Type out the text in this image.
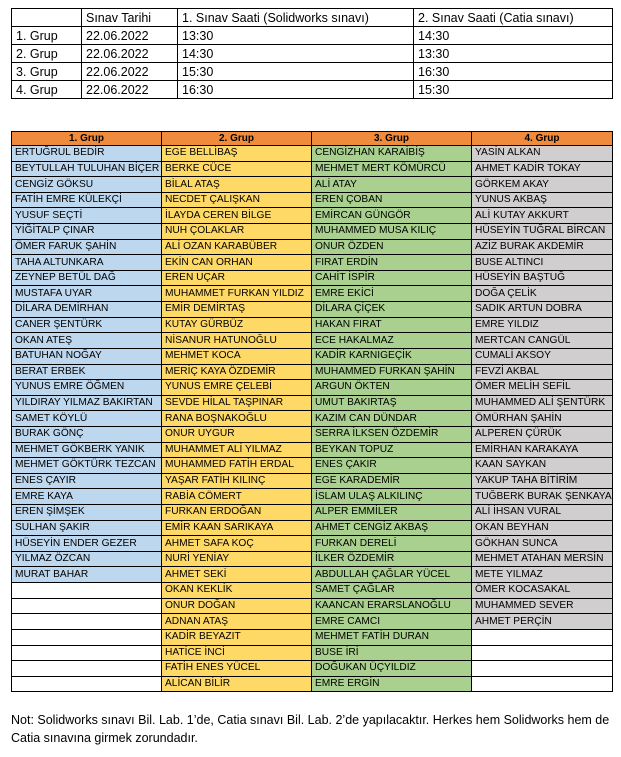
	Sınav Tarihi	1. Sınav Saati (Solidworks sınavı)	2. Sınav Saati (Catia sınavı)
1. Grup	22.06.2022	13:30	14:30
2. Grup	22.06.2022	14:30	13:30
3. Grup	22.06.2022	15:30	16:30
4. Grup	22.06.2022	16:30	15:30
1. Grup	2. Grup	3. Grup	4. Grup
ERTUĞRUL BEDİR	EGE BELLİBAŞ	CENGİZHAN KARAİBİŞ	YASİN ALKAN
BEYTULLAH TULUHAN BİÇER	BERKE CÜCE	MEHMET MERT KÖMÜRCÜ	AHMET KADİR TOKAY
CENGİZ GÖKSU	BİLAL ATAŞ	ALİ ATAY	GÖRKEM AKAY
FATİH EMRE KÜLEKÇİ	NECDET ÇALIŞKAN	EREN ÇOBAN	YUNUS AKBAŞ
YUSUF SEÇTİ	İLAYDA CEREN BİLGE	EMİRCAN GÜNGÖR	ALİ KUTAY AKKURT
YİĞİTALP ÇINAR	NUH ÇOLAKLAR	MUHAMMED MUSA KILIÇ	HÜSEYİN TUĞRAL BİRCAN
ÖMER FARUK ŞAHİN	ALİ OZAN KARABÜBER	ONUR ÖZDEN	AZİZ BURAK AKDEMİR
TAHA ALTUNKARA	EKİN CAN ORHAN	FIRAT ERDİN	BUSE ALTINCI
ZEYNEP BETÜL DAĞ	EREN UÇAR	CAHİT İSPİR	HÜSEYİN BAŞTUĞ
MUSTAFA UYAR	MUHAMMET FURKAN YILDIZ	EMRE EKİCİ	DOĞA ÇELİK
DİLARA DEMİRHAN	EMİR DEMİRTAŞ	DİLARA ÇİÇEK	SADIK ARTUN DOBRA
CANER ŞENTÜRK	KUTAY GÜRBÜZ	HAKAN FIRAT	EMRE YILDIZ
OKAN ATEŞ	NİSANUR HATUNOĞLU	ECE HAKALMAZ	MERTCAN CANGÜL
BATUHAN NOĞAY	MEHMET KOCA	KADİR KARNIGEÇİK	CUMALİ AKSOY
BERAT ERBEK	MERİÇ KAYA ÖZDEMİR	MUHAMMED FURKAN ŞAHİN	FEVZİ AKBAL
YUNUS EMRE ÖĞMEN	YUNUS EMRE ÇELEBİ	ARGUN ÖKTEN	ÖMER MELİH SEFİL
YILDIRAY YILMAZ BAKIRTAN	SEVDE HİLAL TAŞPINAR	UMUT BAKIRTAŞ	MUHAMMED ALİ ŞENTÜRK
SAMET KÖYLÜ	RANA BOŞNAKOĞLU	KAZIM CAN DÜNDAR	ÖMÜRHAN ŞAHİN
BURAK GÖNÇ	ONUR UYGUR	SERRA İLKSEN ÖZDEMİR	ALPEREN ÇÜRÜK
MEHMET GÖKBERK YANIK	MUHAMMET ALİ YILMAZ	BEYKAN TOPUZ	EMİRHAN KARAKAYA
MEHMET GÖKTÜRK TEZCAN	MUHAMMED FATİH ERDAL	ENES ÇAKIR	KAAN SAYKAN
ENES ÇAYIR	YAŞAR FATİH KILINÇ	EGE KARADEMİR	YAKUP TAHA BİTİRİM
EMRE KAYA	RABİA CÖMERT	İSLAM ULAŞ ALKILINÇ	TUĞBERK BURAK ŞENKAYA
EREN ŞİMŞEK	FURKAN ERDOĞAN	ALPER EMMİLER	ALİ İHSAN VURAL
SULHAN ŞAKIR	EMİR KAAN SARIKAYA	AHMET CENGİZ AKBAŞ	OKAN BEYHAN
HÜSEYİN ENDER GEZER	AHMET SAFA KOÇ	FURKAN DERELİ	GÖKHAN SUNCA
YILMAZ ÖZCAN	NURİ YENİAY	İLKER ÖZDEMİR	MEHMET ATAHAN MERSİN
MURAT BAHAR	AHMET SEKİ	ABDULLAH ÇAĞLAR YÜCEL	METE YILMAZ
	OKAN KEKLİK	SAMET ÇAĞLAR	ÖMER KOCASAKAL
	ONUR DOĞAN	KAANCAN ERARSLANOĞLU	MUHAMMED SEVER
	ADNAN ATAŞ	EMRE CAMCI	AHMET PERÇİN
	KADİR BEYAZIT	MEHMET FATİH DURAN	
	HATİCE İNCİ	BUSE İRİ	
	FATİH ENES YÜCEL	DOĞUKAN ÜÇYILDIZ	
	ALİCAN BİLİR	EMRE ERGİN	

Not: Solidworks sınavı Bil. Lab. 1’de, Catia sınavı Bil. Lab. 2’de yapılacaktır. Herkes hem Solidworks hem de Catia sınavına girmek zorundadır.
